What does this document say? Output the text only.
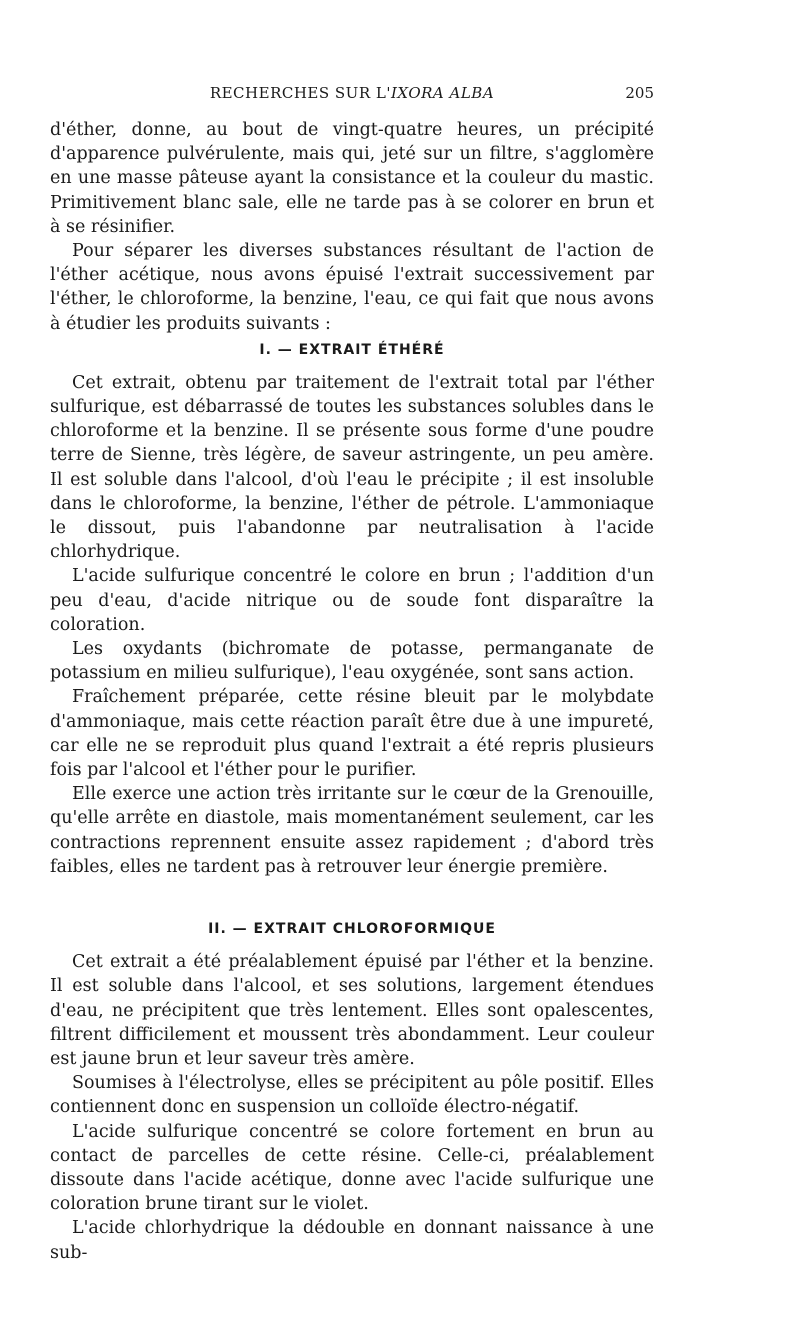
RECHERCHES SUR L'IXORA ALBA	205

d'éther, donne, au bout de vingt-quatre heures, un précipité d'apparence pulvérulente, mais qui, jeté sur un filtre, s'agglomère en une masse pâteuse ayant la consistance et la couleur du mastic. Primitivement blanc sale, elle ne tarde pas à se colorer en brun et à se résinifier.

Pour séparer les diverses substances résultant de l'action de l'éther acétique, nous avons épuisé l'extrait successivement par l'éther, le chloroforme, la benzine, l'eau, ce qui fait que nous avons à étudier les produits suivants :

I. — EXTRAIT ÉTHÉRÉ

Cet extrait, obtenu par traitement de l'extrait total par l'éther sulfurique, est débarrassé de toutes les substances solubles dans le chloroforme et la benzine. Il se présente sous forme d'une poudre terre de Sienne, très légère, de saveur astringente, un peu amère. Il est soluble dans l'alcool, d'où l'eau le précipite ; il est insoluble dans le chloroforme, la benzine, l'éther de pétrole. L'ammoniaque le dissout, puis l'abandonne par neutralisation à l'acide chlorhydrique.

L'acide sulfurique concentré le colore en brun ; l'addition d'un peu d'eau, d'acide nitrique ou de soude font disparaître la coloration.

Les oxydants (bichromate de potasse, permanganate de potassium en milieu sulfurique), l'eau oxygénée, sont sans action.

Fraîchement préparée, cette résine bleuit par le molybdate d'ammoniaque, mais cette réaction paraît être due à une impureté, car elle ne se reproduit plus quand l'extrait a été repris plusieurs fois par l'alcool et l'éther pour le purifier.

Elle exerce une action très irritante sur le cœur de la Grenouille, qu'elle arrête en diastole, mais momentanément seulement, car les contractions reprennent ensuite assez rapidement ; d'abord très faibles, elles ne tardent pas à retrouver leur énergie première.

II. — EXTRAIT CHLOROFORMIQUE

Cet extrait a été préalablement épuisé par l'éther et la benzine. Il est soluble dans l'alcool, et ses solutions, largement étendues d'eau, ne précipitent que très lentement. Elles sont opalescentes, filtrent difficilement et moussent très abondamment. Leur couleur est jaune brun et leur saveur très amère.

Soumises à l'électrolyse, elles se précipitent au pôle positif. Elles contiennent donc en suspension un colloïde électro-négatif.

L'acide sulfurique concentré se colore fortement en brun au contact de parcelles de cette résine. Celle-ci, préalablement dissoute dans l'acide acétique, donne avec l'acide sulfurique une coloration brune tirant sur le violet.

L'acide chlorhydrique la dédouble en donnant naissance à une sub-
